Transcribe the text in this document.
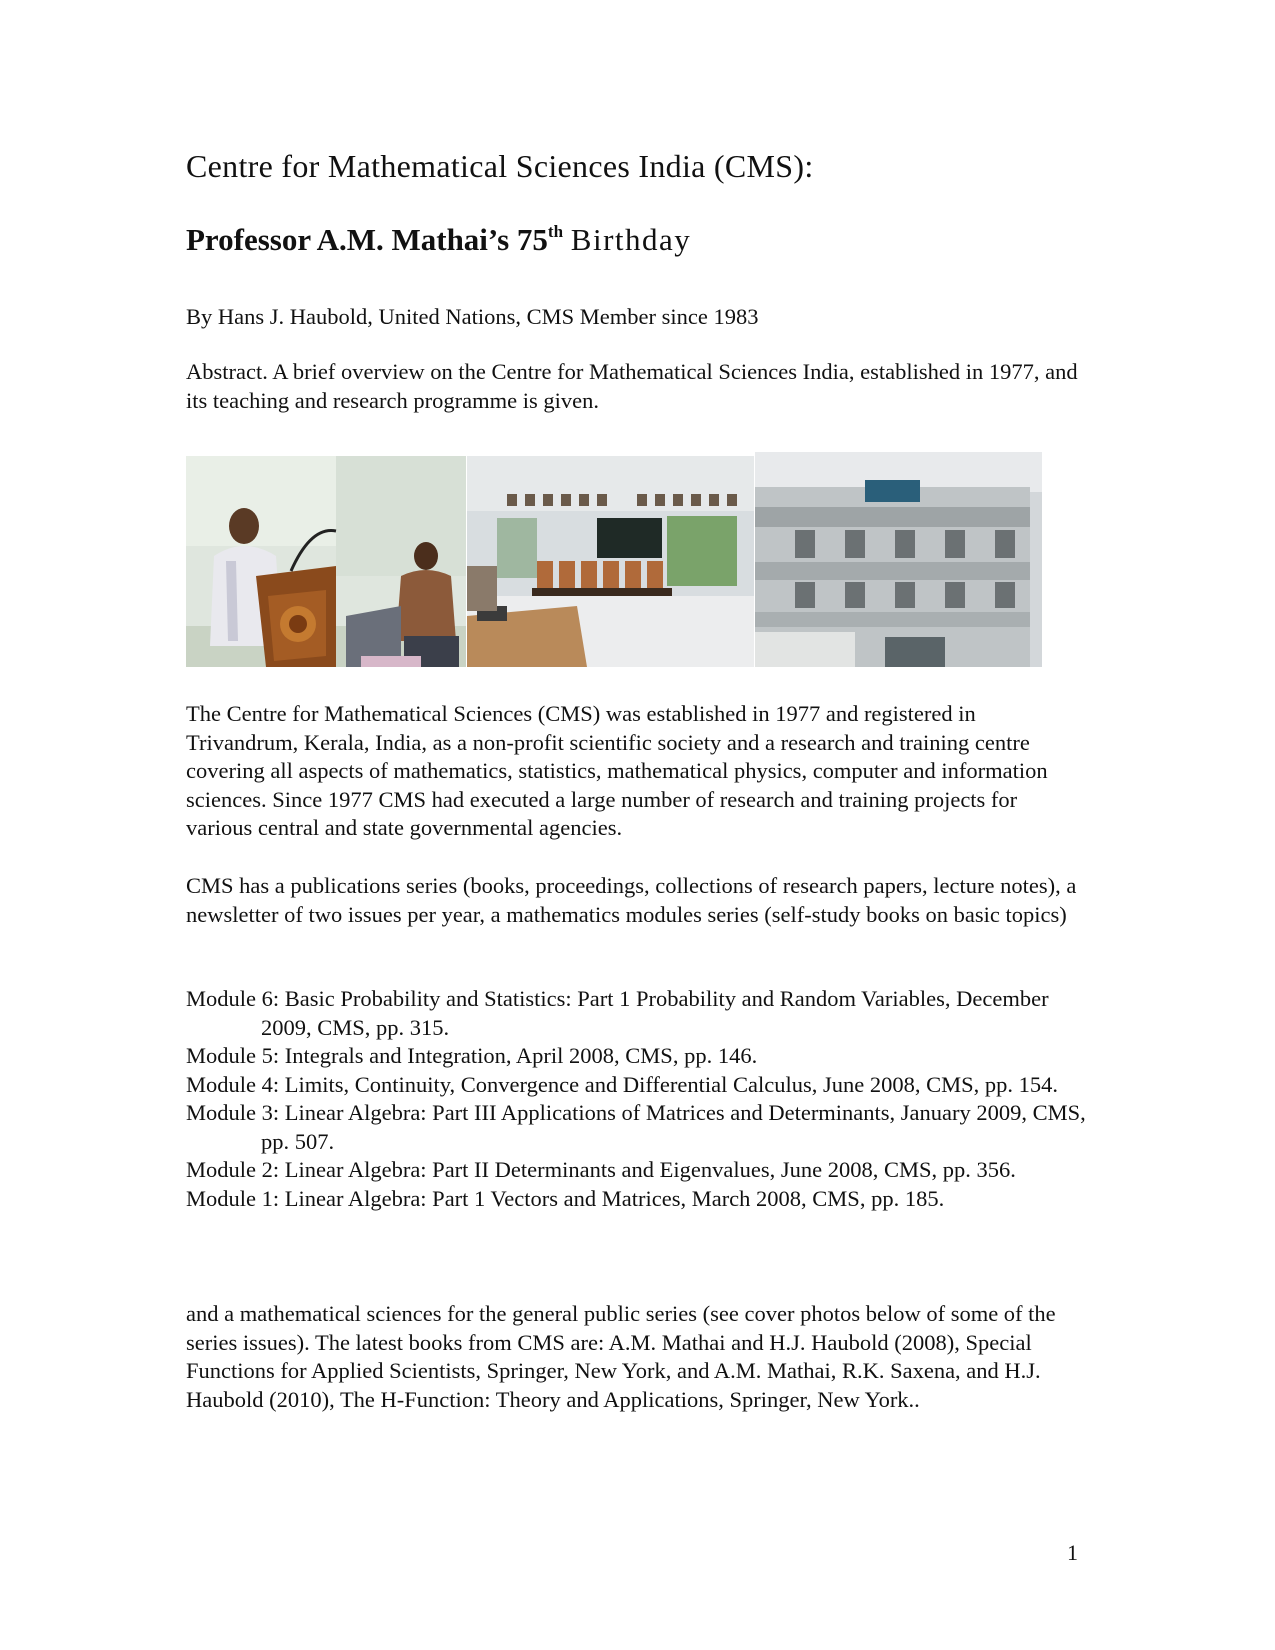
Centre for Mathematical Sciences India (CMS):
Professor A.M. Mathai’s 75th Birthday

By Hans J. Haubold, United Nations, CMS Member since 1983

Abstract. A brief overview on the Centre for Mathematical Sciences India, established in 1977, and its teaching and research programme is given.

The Centre for Mathematical Sciences (CMS) was established in 1977 and registered in Trivandrum, Kerala, India, as a non-profit scientific society and a research and training centre covering all aspects of mathematics, statistics, mathematical physics, computer and information sciences. Since 1977 CMS had executed a large number of research and training projects for various central and state governmental agencies.

CMS has a publications series (books, proceedings, collections of research papers, lecture notes), a newsletter of two issues per year, a mathematics modules series (self-study books on basic topics)

Module 6: Basic Probability and Statistics: Part 1 Probability and Random Variables, December 2009, CMS, pp. 315.
Module 5: Integrals and Integration, April 2008, CMS, pp. 146.
Module 4: Limits, Continuity, Convergence and Differential Calculus, June 2008, CMS, pp. 154.
Module 3: Linear Algebra: Part III Applications of Matrices and Determinants, January 2009, CMS, pp. 507.
Module 2: Linear Algebra: Part II Determinants and Eigenvalues, June 2008, CMS, pp. 356.
Module 1: Linear Algebra: Part 1 Vectors and Matrices, March 2008, CMS, pp. 185.

and a mathematical sciences for the general public series (see cover photos below of some of the series issues). The latest books from CMS are: A.M. Mathai and H.J. Haubold (2008), Special Functions for Applied Scientists, Springer, New York, and A.M. Mathai, R.K. Saxena, and H.J. Haubold (2010), The H-Function: Theory and Applications, Springer, New York..

1
